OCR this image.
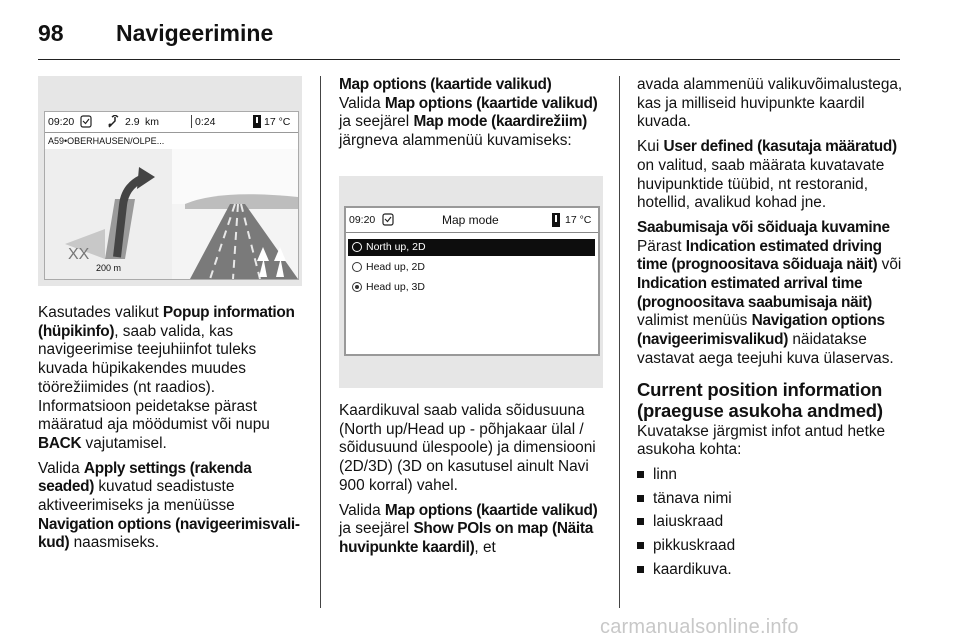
98 Navigeerimine
09:20	2.9 km	0:24	17 °C
A59•OBERHAUSEN/OLPE...
XX
200 m

Kasutades valikut Popup information (hüpikinfo), saab valida, kas navigeerimise teejuhiinfot tuleks kuvada hüpikakendes muudes töörežiimides (nt raadios). Informatsioon peidetakse pärast määratud aja möödumist või nupu BACK vajutamisel.

Valida Apply settings (rakenda seaded) kuvatud seadistuste aktiveerimiseks ja menüüsse Navigation options (navigeerimisvali-kud) naasmiseks.

Map options (kaartide valikud)

Valida Map options (kaartide valikud) ja seejärel Map mode (kaardirežiim) järgneva alammenüü kuvamiseks:

09:20	Map mode	17 °C
North up, 2D
Head up, 2D
Head up, 3D

Kaardikuval saab valida sõidusuuna (North up/Head up - põhjakaar ülal / sõidusuund ülespoole) ja dimensiooni (2D/3D) (3D on kasutusel ainult Navi 900 korral) vahel.

Valida Map options (kaartide valikud) ja seejärel Show POIs on map (Näita huvipunkte kaardil), et

avada alammenüü valikuvõimalustega, kas ja milliseid huvipunkte kaardil kuvada.

Kui User defined (kasutaja määratud) on valitud, saab määrata kuvatavate huvipunktide tüübid, nt restoranid, hotellid, avalikud kohad jne.

Saabumisaja või sõiduaja kuvamine
Pärast Indication estimated driving time (prognoositava sõiduaja näit) või Indication estimated arrival time (prognoositava saabumisaja näit) valimist menüüs Navigation options (navigeerimisvalikud) näidatakse vastavat aega teejuhi kuva ülaservas.

Current position information (praeguse asukoha andmed)

Kuvatakse järgmist infot antud hetke asukoha kohta:

linn
tänava nimi
laiuskraad
pikkuskraad
kaardikuva.
carmanualsonline.info
